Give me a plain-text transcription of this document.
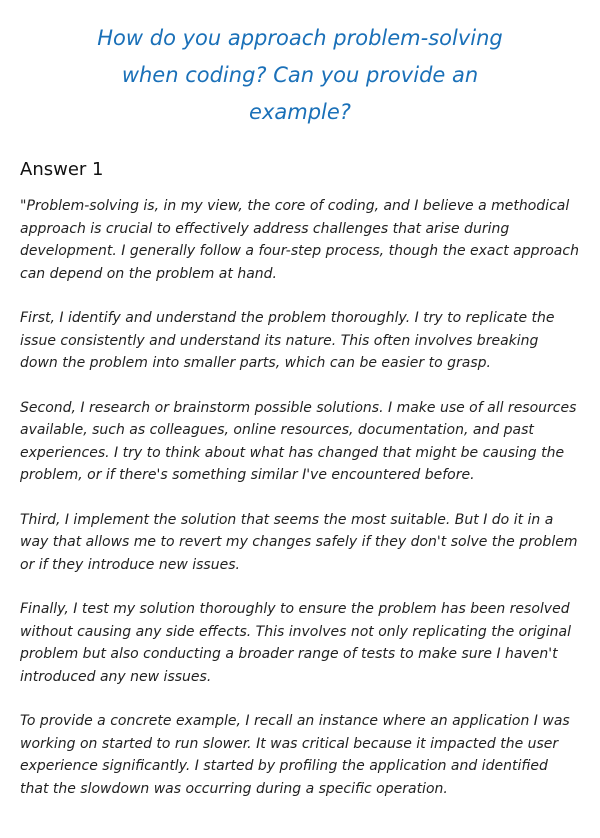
How do you approach problem-solving when coding? Can you provide an example?
Answer 1

"Problem-solving is, in my view, the core of coding, and I believe a methodical approach is crucial to effectively address challenges that arise during development. I generally follow a four-step process, though the exact approach can depend on the problem at hand.

First, I identify and understand the problem thoroughly. I try to replicate the issue consistently and understand its nature. This often involves breaking down the problem into smaller parts, which can be easier to grasp.

Second, I research or brainstorm possible solutions. I make use of all resources available, such as colleagues, online resources, documentation, and past experiences. I try to think about what has changed that might be causing the problem, or if there's something similar I've encountered before.

Third, I implement the solution that seems the most suitable. But I do it in a way that allows me to revert my changes safely if they don't solve the problem or if they introduce new issues.

Finally, I test my solution thoroughly to ensure the problem has been resolved without causing any side effects. This involves not only replicating the original problem but also conducting a broader range of tests to make sure I haven't introduced any new issues.

To provide a concrete example, I recall an instance where an application I was working on started to run slower. It was critical because it impacted the user experience significantly. I started by profiling the application and identified that the slowdown was occurring during a specific operation.
